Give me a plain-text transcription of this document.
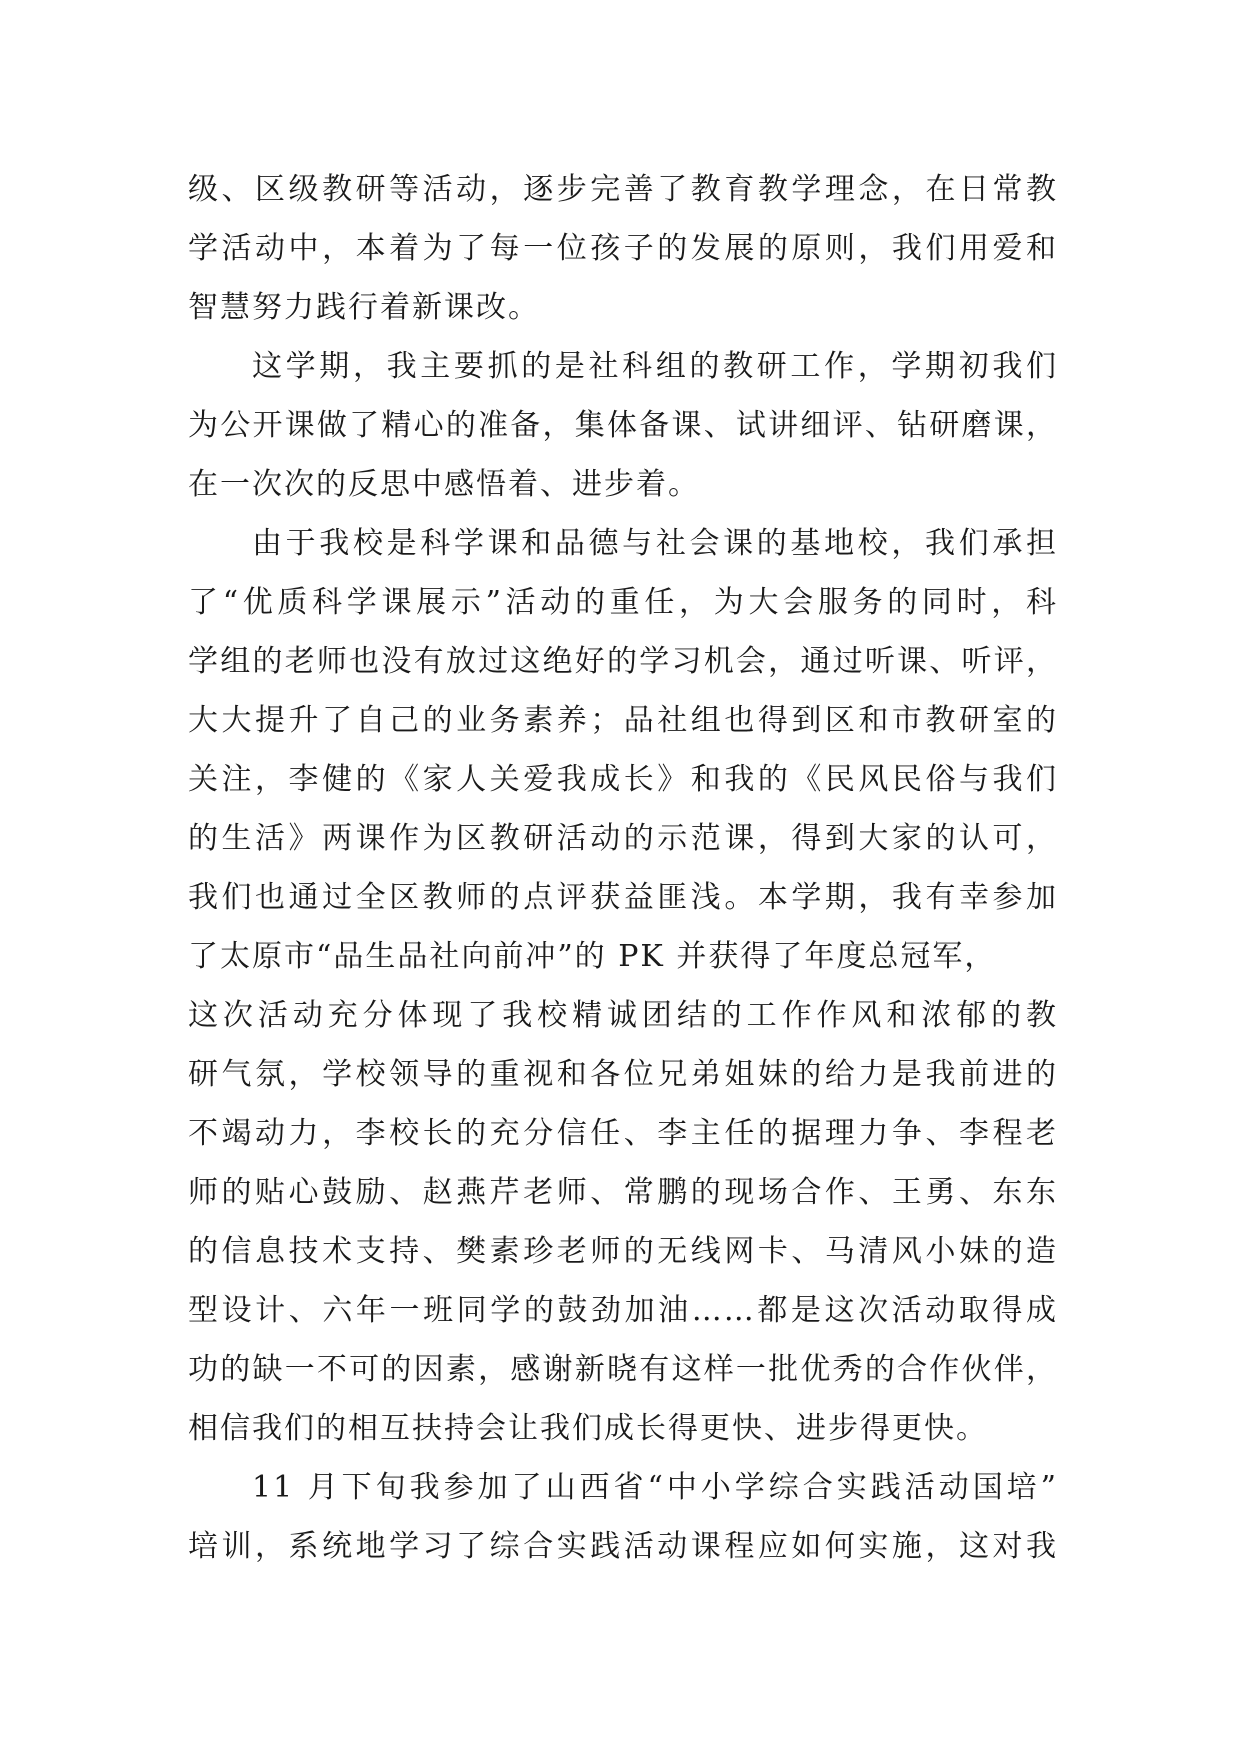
级、区级教研等活动，逐步完善了教育教学理念，在日常教
学活动中，本着为了每一位孩子的发展的原则，我们用爱和
智慧努力践行着新课改。
这学期，我主要抓的是社科组的教研工作，学期初我们
为公开课做了精心的准备，集体备课、试讲细评、钻研磨课，
在一次次的反思中感悟着、进步着。
由于我校是科学课和品德与社会课的基地校，我们承担
了“优质科学课展示”活动的重任，为大会服务的同时，科
学组的老师也没有放过这绝好的学习机会，通过听课、听评，
大大提升了自己的业务素养；品社组也得到区和市教研室的
关注，李健的《家人关爱我成长》和我的《民风民俗与我们
的生活》两课作为区教研活动的示范课，得到大家的认可，
我们也通过全区教师的点评获益匪浅。本学期，我有幸参加
了太原市“品生品社向前冲”的 PK 并获得了年度总冠军，
这次活动充分体现了我校精诚团结的工作作风和浓郁的教
研气氛，学校领导的重视和各位兄弟姐妹的给力是我前进的
不竭动力，李校长的充分信任、李主任的据理力争、李程老
师的贴心鼓励、赵燕芹老师、常鹏的现场合作、王勇、东东
的信息技术支持、樊素珍老师的无线网卡、马清风小妹的造
型设计、六年一班同学的鼓劲加油……都是这次活动取得成
功的缺一不可的因素，感谢新晓有这样一批优秀的合作伙伴，
相信我们的相互扶持会让我们成长得更快、进步得更快。
11 月下旬我参加了山西省“中小学综合实践活动国培”
培训，系统地学习了综合实践活动课程应如何实施，这对我
